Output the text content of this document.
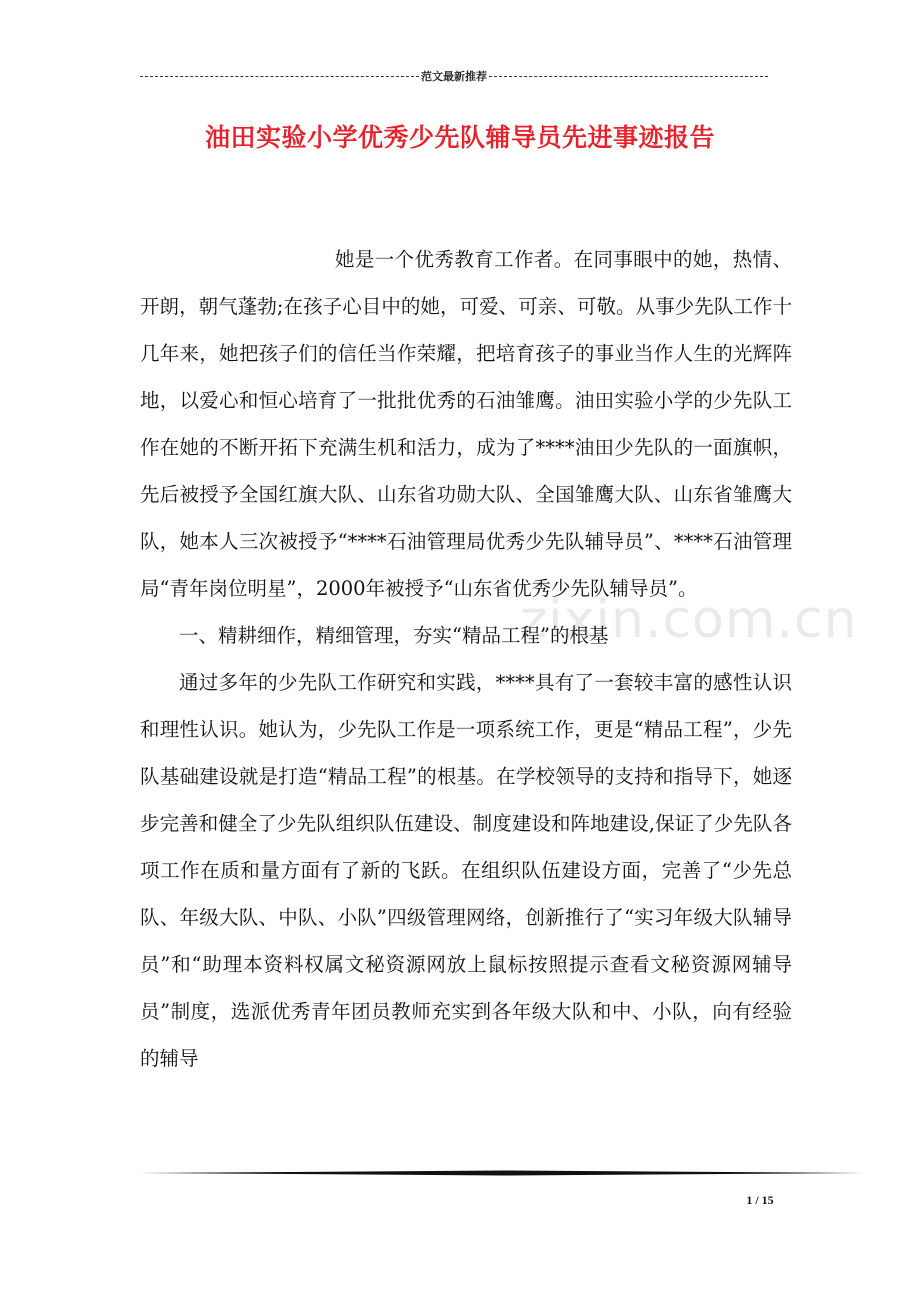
范文最新推荐
油田实验小学优秀少先队辅导员先进事迹报告
zixin.com.cn

她是一个优秀教育工作者。在同事眼中的她，热情、开朗，朝气蓬勃;在孩子心目中的她，可爱、可亲、可敬。从事少先队工作十几年来，她把孩子们的信任当作荣耀，把培育孩子的事业当作人生的光辉阵地，以爱心和恒心培育了一批批优秀的石油雏鹰。油田实验小学的少先队工作在她的不断开拓下充满生机和活力，成为了****油田少先队的一面旗帜，先后被授予全国红旗大队、山东省功勋大队、全国雏鹰大队、山东省雏鹰大队，她本人三次被授予“****石油管理局优秀少先队辅导员”、****石油管理局“青年岗位明星”，2000年被授予“山东省优秀少先队辅导员”。

一、精耕细作，精细管理，夯实“精品工程”的根基

通过多年的少先队工作研究和实践，****具有了一套较丰富的感性认识和理性认识。她认为，少先队工作是一项系统工作，更是“精品工程”，少先队基础建设就是打造“精品工程”的根基。在学校领导的支持和指导下，她逐步完善和健全了少先队组织队伍建设、制度建设和阵地建设,保证了少先队各项工作在质和量方面有了新的飞跃。在组织队伍建设方面，完善了“少先总队、年级大队、中队、小队”四级管理网络，创新推行了“实习年级大队辅导员”和“助理本资料权属文秘资源网放上鼠标按照提示查看文秘资源网辅导员”制度，选派优秀青年团员教师充实到各年级大队和中、小队，向有经验的辅导

1 / 15
